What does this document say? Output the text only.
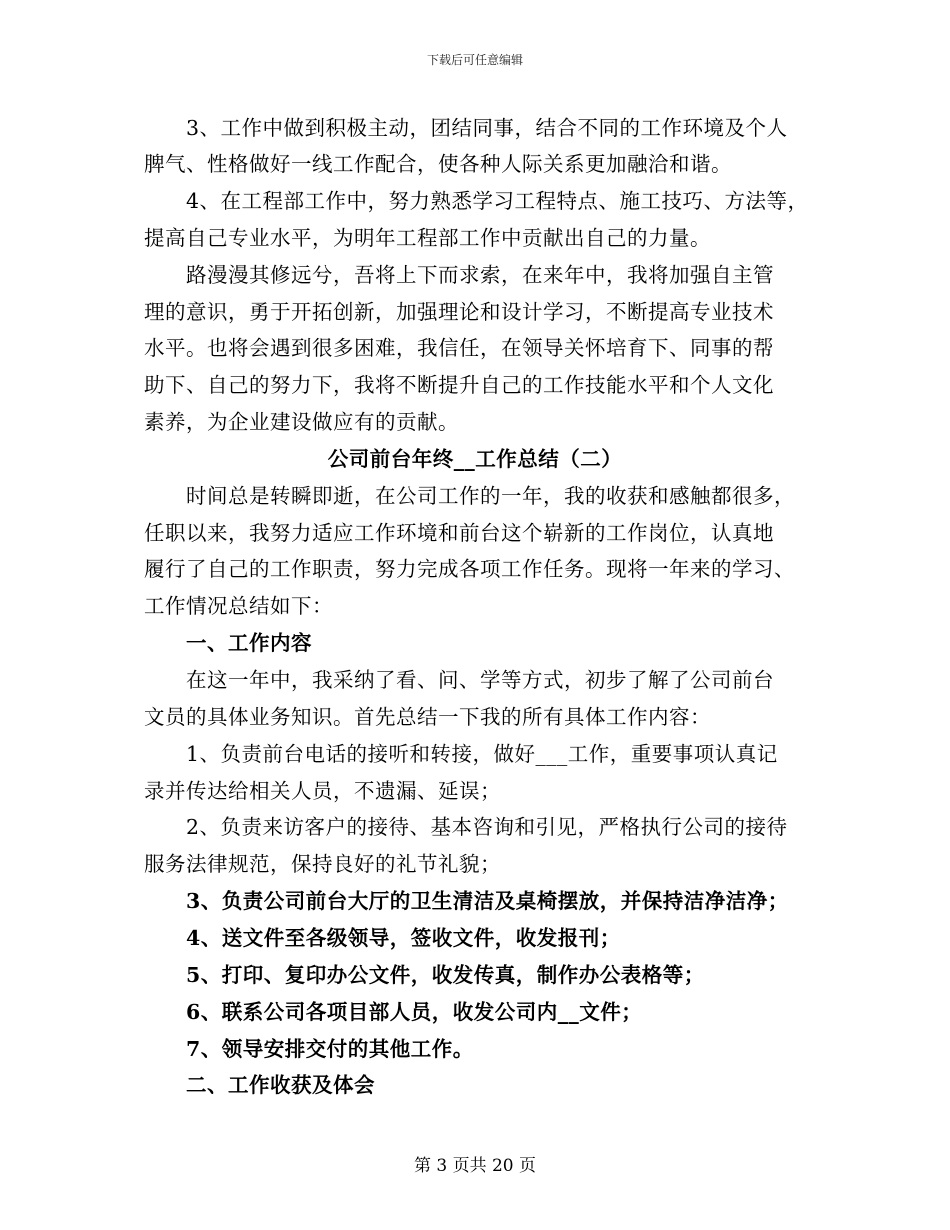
下载后可任意编辑
3、工作中做到积极主动，团结同事，结合不同的工作环境及个人
脾气、性格做好一线工作配合，使各种人际关系更加融洽和谐。
4、在工程部工作中，努力熟悉学习工程特点、施工技巧、方法等，
提高自己专业水平，为明年工程部工作中贡献出自己的力量。
路漫漫其修远兮，吾将上下而求索，在来年中，我将加强自主管
理的意识，勇于开拓创新，加强理论和设计学习，不断提高专业技术
水平。也将会遇到很多困难，我信任，在领导关怀培育下、同事的帮
助下、自己的努力下，我将不断提升自己的工作技能水平和个人文化
素养，为企业建设做应有的贡献。
公司前台年终__工作总结（二）
时间总是转瞬即逝，在公司工作的一年，我的收获和感触都很多，
任职以来，我努力适应工作环境和前台这个崭新的工作岗位，认真地
履行了自己的工作职责，努力完成各项工作任务。现将一年来的学习、
工作情况总结如下：
一、工作内容
在这一年中，我采纳了看、问、学等方式，初步了解了公司前台
文员的具体业务知识。首先总结一下我的所有具体工作内容：
1、负责前台电话的接听和转接，做好___工作，重要事项认真记
录并传达给相关人员，不遗漏、延误；
2、负责来访客户的接待、基本咨询和引见，严格执行公司的接待
服务法律规范，保持良好的礼节礼貌；
3、负责公司前台大厅的卫生清洁及桌椅摆放，并保持洁净洁净；
4、送文件至各级领导，签收文件，收发报刊；
5、打印、复印办公文件，收发传真，制作办公表格等；
6、联系公司各项目部人员，收发公司内__文件；
7、领导安排交付的其他工作。
二、工作收获及体会
第 3 页共 20 页
